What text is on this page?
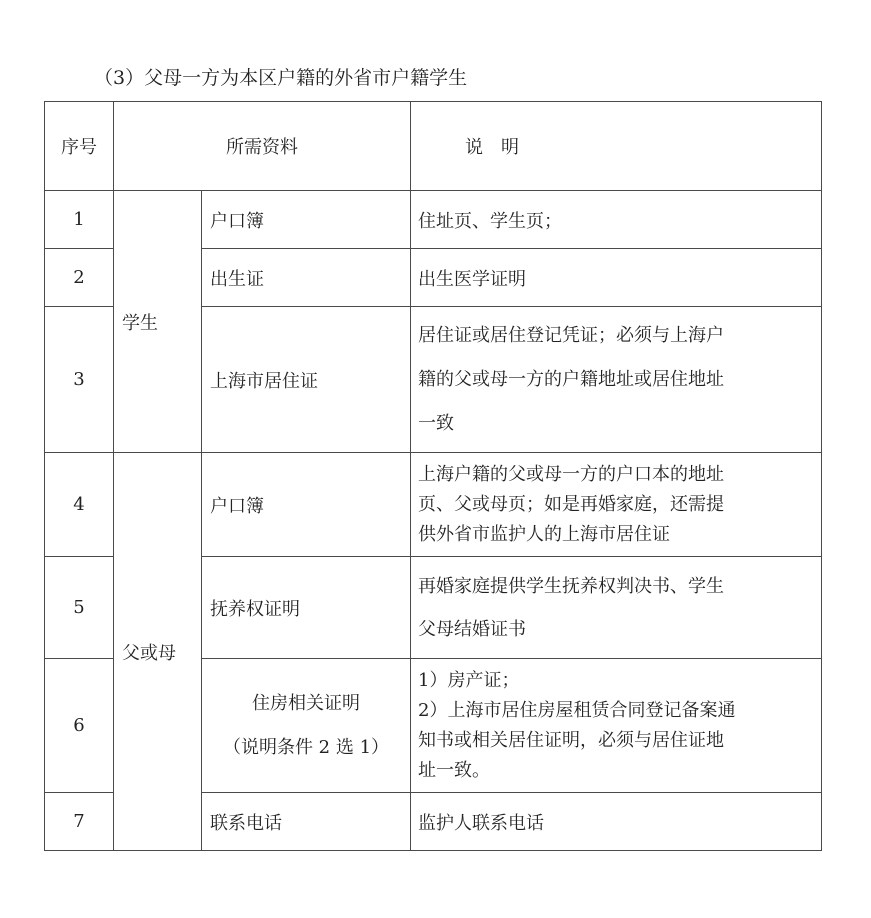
（3）父母一方为本区户籍的外省市户籍学生
序号	所需资料		说　明
1	学生	户口簿	住址页、学生页；
2		出生证	出生医学证明
3		上海市居住证	居住证或居住登记凭证；必须与上海户
籍的父或母一方的户籍地址或居住地址
一致

4	父或母	户口簿	上海户籍的父或母一方的户口本的地址
页、父或母页；如是再婚家庭，还需提
供外省市监护人的上海市居住证

5		抚养权证明	再婚家庭提供学生抚养权判决书、学生
父母结婚证书

6		住房相关证明
（说明条件 2 选 1）	1）房产证；
2）上海市居住房屋租赁合同登记备案通
知书或相关居住证明，必须与居住证地
址一致。

7		联系电话	监护人联系电话
